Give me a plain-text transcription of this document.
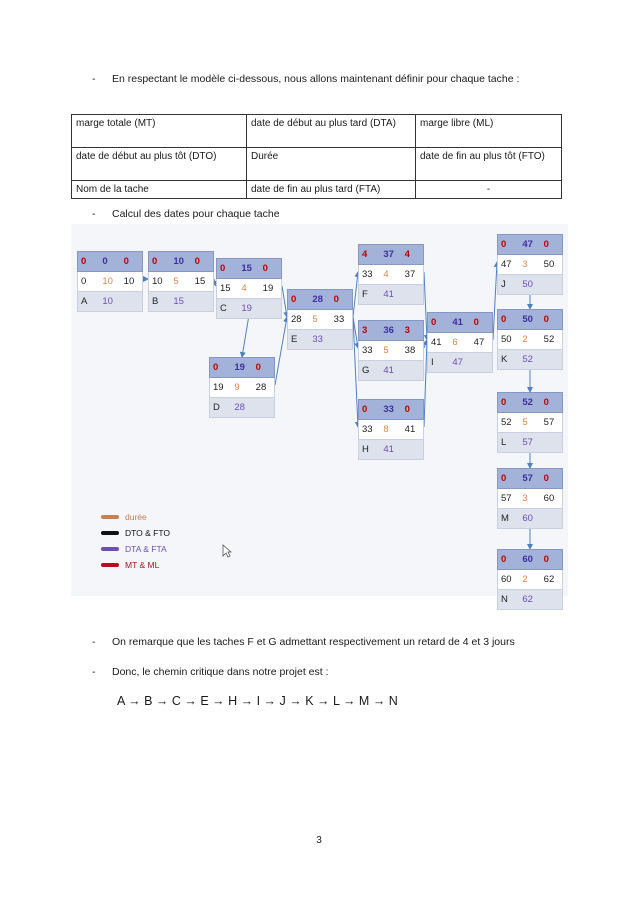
- En respectant le modèle ci-dessous, nous allons maintenant définir pour chaque tache :
marge totale (MT)	date de début au plus tard (DTA)	marge libre (ML)
date de début au plus tôt (DTO)	Durée	date de fin au plus tôt (FTO)
Nom de la tache	date de fin au plus tard (FTA)	-
- Calcul des dates pour chaque tache
0	0	0
0	10	10
A	10
0	10	0
10	5	15
B	15
0	15	0
15	4	19
C	19
0	19	0
19	9	28
D	28
0	28	0
28	5	33
E	33
4	37	4
33	4	37
F	41
3	36	3
33	5	38
G	41
0	33	0
33	8	41
H	41
0	41	0
41	6	47
I	47
0	47	0
47	3	50
J	50
0	50	0
50	2	52
K	52
0	52	0
52	5	57
L	57
0	57	0
57	3	60
M	60
0	60	0
60	2	62
N	62
durée
DTO & FTO
DTA & FTA
MT & ML
- On remarque que les taches F et G admettant respectivement un retard de 4 et 3 jours
- Donc, le chemin critique dans notre projet est :
A → B → C → E → H → I → J → K → L → M → N
3
